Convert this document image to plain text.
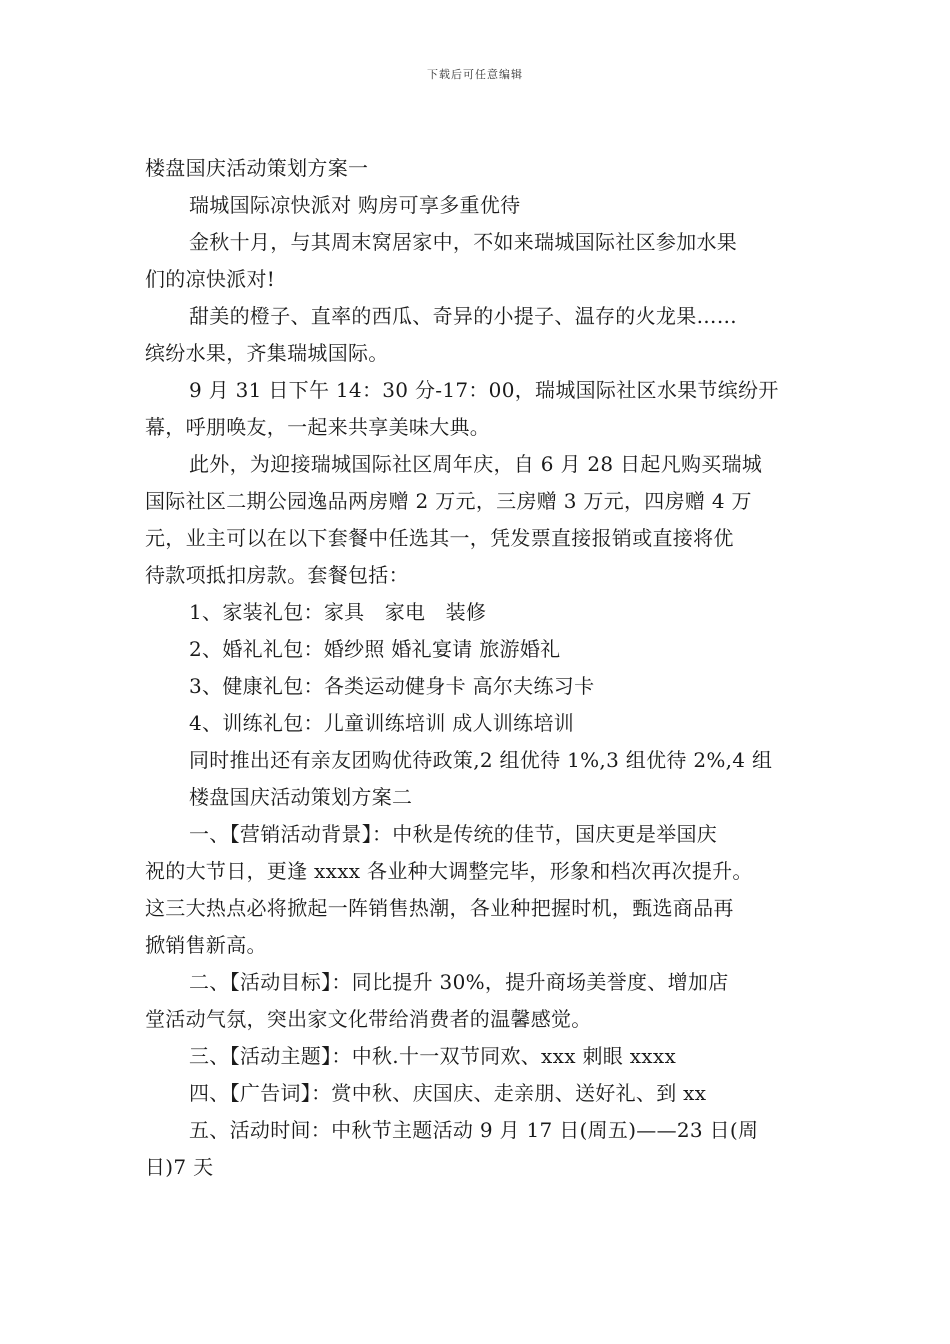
下载后可任意编辑
楼盘国庆活动策划方案一
瑞城国际凉快派对 购房可享多重优待
金秋十月，与其周末窝居家中，不如来瑞城国际社区参加水果
们的凉快派对!
甜美的橙子、直率的西瓜、奇异的小提子、温存的火龙果……
缤纷水果，齐集瑞城国际。
9 月 31 日下午 14：30 分-17：00，瑞城国际社区水果节缤纷开
幕，呼朋唤友，一起来共享美味大典。
此外，为迎接瑞城国际社区周年庆，自 6 月 28 日起凡购买瑞城
国际社区二期公园逸品两房赠 2 万元，三房赠 3 万元，四房赠 4 万
元，业主可以在以下套餐中任选其一，凭发票直接报销或直接将优
待款项抵扣房款。套餐包括：
1、家装礼包：家具　家电　装修
2、婚礼礼包：婚纱照 婚礼宴请 旅游婚礼
3、健康礼包：各类运动健身卡 高尔夫练习卡
4、训练礼包：儿童训练培训 成人训练培训
同时推出还有亲友团购优待政策,2 组优待 1%,3 组优待 2%,4 组
楼盘国庆活动策划方案二
一、【营销活动背景】：中秋是传统的佳节，国庆更是举国庆
祝的大节日，更逢 xxxx 各业种大调整完毕，形象和档次再次提升。
这三大热点必将掀起一阵销售热潮，各业种把握时机，甄选商品再
掀销售新高。
二、【活动目标】：同比提升 30%，提升商场美誉度、增加店
堂活动气氛，突出家文化带给消费者的温馨感觉。
三、【活动主题】：中秋.十一双节同欢、xxx 刺眼 xxxx
四、【广告词】：赏中秋、庆国庆、走亲朋、送好礼、到 xx
五、活动时间：中秋节主题活动 9 月 17 日(周五)——23 日(周
日)7 天
